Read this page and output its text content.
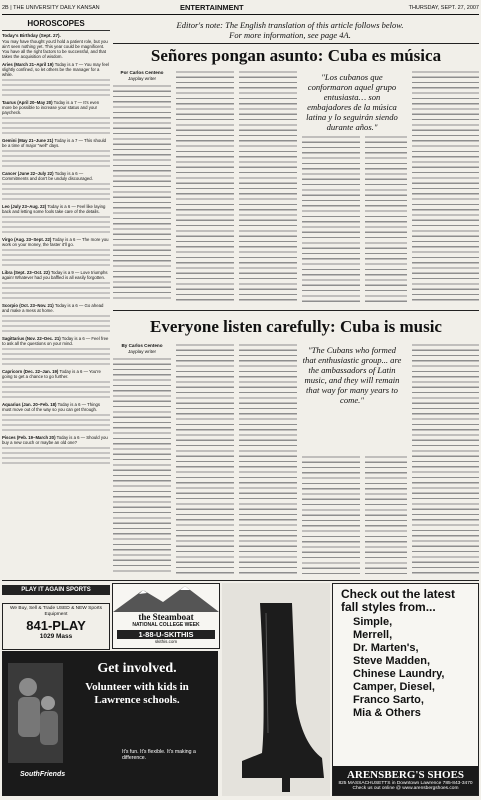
2B | THE UNIVERSITY DAILY KANSAN	ENTERTAINMENT	THURSDAY, SEPT. 27, 2007
HOROSCOPES
Today's Birthday (Sept. 27).
You may have thought you'd hold a patient role, but you ain't seen nothing yet. This year could be magnificent. You have all the right factors to be successful, and that takes the acquisition of wisdom.
Aries (March 21–April 19) Today is a 7 — You may feel slightly confined, so let others be the manager for a while.
Taurus (April 20–May 20) Today is a 7 — It's even more be possible to increase your status and your paycheck.
Gemini (May 21–June 21) Today is a 7 — This should be a time of major "well" days.
Cancer (June 22–July 22) Today is a 6 — Commitments and don't be unduly discouraged.
Leo (July 23–Aug. 22) Today is a 6 — Feel like laying back and letting some fools take care of the details.
Virgo (Aug. 23–Sept. 22) Today is a 6 — The more you work on your money, the faster it'll go.
Libra (Sept. 23–Oct. 22) Today is a 9 — Love triumphs again! Whatever had you baffled is all easily forgotten.
Scorpio (Oct. 23–Nov. 21) Today is a 6 — Go ahead and make a mess at home.
Sagittarius (Nov. 22–Dec. 21) Today is a 6 — Feel free to ask all the questions on your mind.
Capricorn (Dec. 22–Jan. 19) Today is a 6 — You're going to get a chance to go further.
Aquarius (Jan. 20–Feb. 18) Today is a 6 — Things must move out of the way so you can get through.
Pisces (Feb. 19–March 20) Today is a 6 — Should you buy a new couch or maybe an old one?
Editor's note: The English translation of this article follows below.
For more information, see page 4A.
Señores pongan asunto: Cuba es música
Por Carlos Centeno
Jayplay writer	"Los cubanos que conformaron aquel grupo entusiasta… son embajadores de la música latina y lo seguirán siendo durante años."
Everyone listen carefully: Cuba is music
By Carlos Centeno
Jayplay writer	"The Cubans who formed that enthusiastic group... are the ambassadors of Latin music, and they will remain that way for many years to come."
PLAY IT AGAIN SPORTS
We Buy, Sell & Trade USED & NEW Sports Equipment
841-PLAY
1029 Mass
the Steamboat
NATIONAL COLLEGE WEEK
1-88-U-SKITHIS
skithis.com
Get involved.
Volunteer with kids in Lawrence schools.
It's fun. It's flexible. It's making a difference.
SouthFriends
Check out the latest fall styles from...
Simple,
Merrell,
Dr. Marten's,
Steve Madden,
Chinese Laundry,
Camper, Diesel,
Franco Sarto,
Mia & Others
ARENSBERG'S SHOES
825 MASSACHUSETTS in Downtown Lawrence 785-843-3470
Check us out online @ www.arensbergshoes.com
